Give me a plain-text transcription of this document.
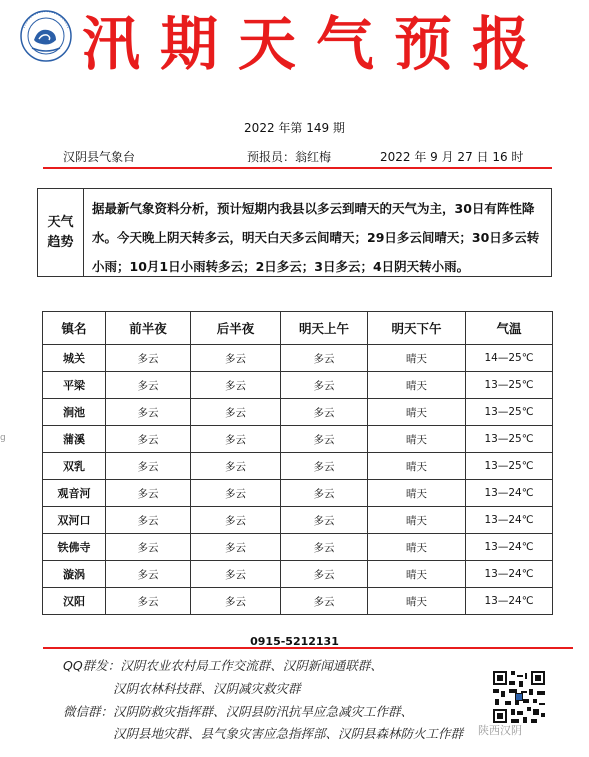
汛期天气预报
2022 年第 149 期
汉阴县气象台	预报员：翁红梅	2022 年 9 月 27 日 16 时
天气趋势
据最新气象资料分析，预计短期内我县以多云到晴天的天气为主，30日有阵性降水。今天晚上阴天转多云，明天白天多云间晴天；29日多云间晴天；30日多云转小雨；10月1日小雨转多云；2日多云；3日多云；4日阴天转小雨。
镇名	前半夜	后半夜	明天上午	明天下午	气温
城关	多云	多云	多云	晴天	14—25℃
平梁	多云	多云	多云	晴天	13—25℃
涧池	多云	多云	多云	晴天	13—25℃
蒲溪	多云	多云	多云	晴天	13—25℃
双乳	多云	多云	多云	晴天	13—25℃
观音河	多云	多云	多云	晴天	13—24℃
双河口	多云	多云	多云	晴天	13—24℃
铁佛寺	多云	多云	多云	晴天	13—24℃
漩涡	多云	多云	多云	晴天	13—24℃
汉阳	多云	多云	多云	晴天	13—24℃
0915-5212131
QQ群发：汉阴农业农村局工作交流群、汉阴新闻通联群、
汉阴农林科技群、汉阴减灾救灾群
微信群：汉阴防救灾指挥群、汉阴县防汛抗旱应急减灾工作群、
汉阴县地灾群、县气象灾害应急指挥部、汉阴县森林防火工作群 陕西汉阴
g
